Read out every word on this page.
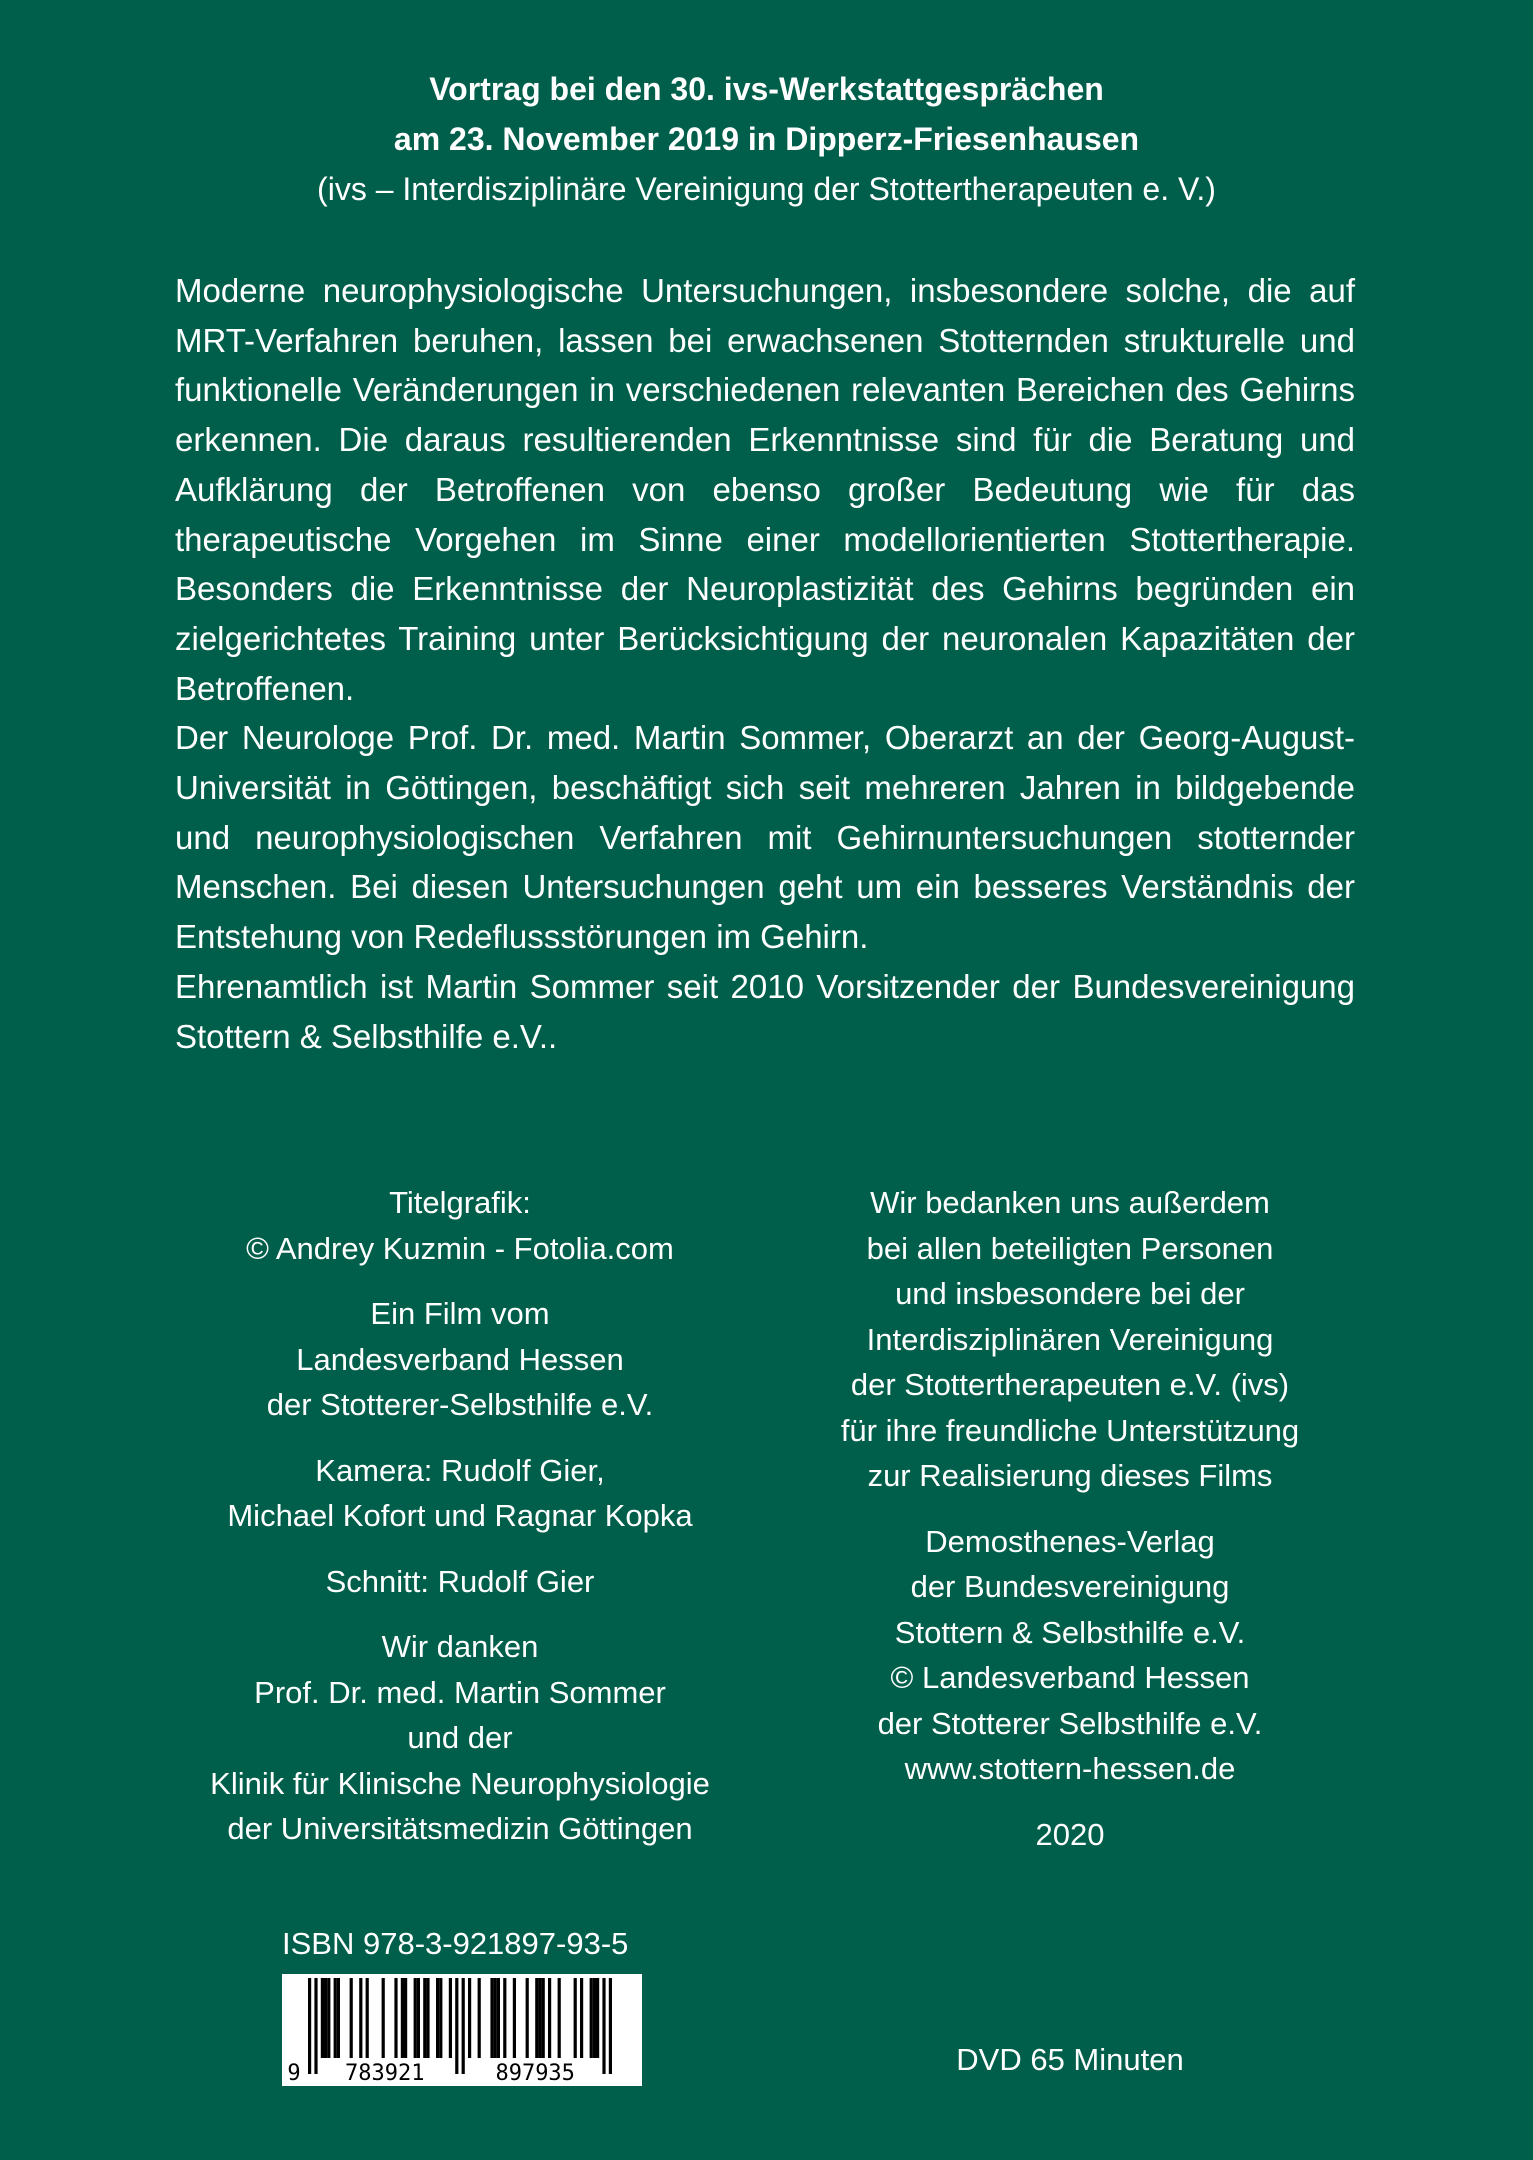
Vortrag bei den 30. ivs-Werkstattgesprächen
am 23. November 2019 in Dipperz-Friesenhausen
(ivs – Interdisziplinäre Vereinigung der Stottertherapeuten e. V.)

Moderne neurophysiologische Untersuchungen, insbesondere solche, die auf MRT-Verfahren beruhen, lassen bei erwachsenen Stotternden strukturelle und funktionelle Veränderungen in verschiedenen relevanten Bereichen des Gehirns erkennen. Die daraus resultierenden Erkenntnisse sind für die Beratung und Aufklärung der Betroffenen von ebenso großer Bedeutung wie für das therapeutische Vorgehen im Sinne einer modellorientierten Stottertherapie. Besonders die Erkenntnisse der Neuroplastizität des Gehirns begründen ein zielgerichtetes Training unter Berücksichtigung der neuronalen Kapazitäten der Betroffenen.

Der Neurologe Prof. Dr. med. Martin Sommer, Oberarzt an der Georg-August-Universität in Göttingen, beschäftigt sich seit mehreren Jahren in bildgebende und neurophysiologischen Verfahren mit Gehirnuntersuchungen stotternder Menschen. Bei diesen Untersuchungen geht um ein besseres Verständnis der Entstehung von Redeflussstörungen im Gehirn.

Ehrenamtlich ist Martin Sommer seit 2010 Vorsitzender der Bundesvereinigung Stottern & Selbsthilfe e.V..

Titelgrafik:
© Andrey Kuzmin - Fotolia.com
Ein Film vom
Landesverband Hessen
der Stotterer-Selbsthilfe e.V.
Kamera: Rudolf Gier,
Michael Kofort und Ragnar Kopka
Schnitt: Rudolf Gier
Wir danken
Prof. Dr. med. Martin Sommer
und der
Klinik für Klinische Neurophysiologie
der Universitätsmedizin Göttingen
Wir bedanken uns außerdem
bei allen beteiligten Personen
und insbesondere bei der
Interdisziplinären Vereinigung
der Stottertherapeuten e.V. (ivs)
für ihre freundliche Unterstützung
zur Realisierung dieses Films
Demosthenes-Verlag
der Bundesvereinigung
Stottern & Selbsthilfe e.V.
© Landesverband Hessen
der Stotterer Selbsthilfe e.V.
www.stottern-hessen.de
2020
ISBN 978-3-921897-93-5
9 783921	897935	DVD 65 Minuten
